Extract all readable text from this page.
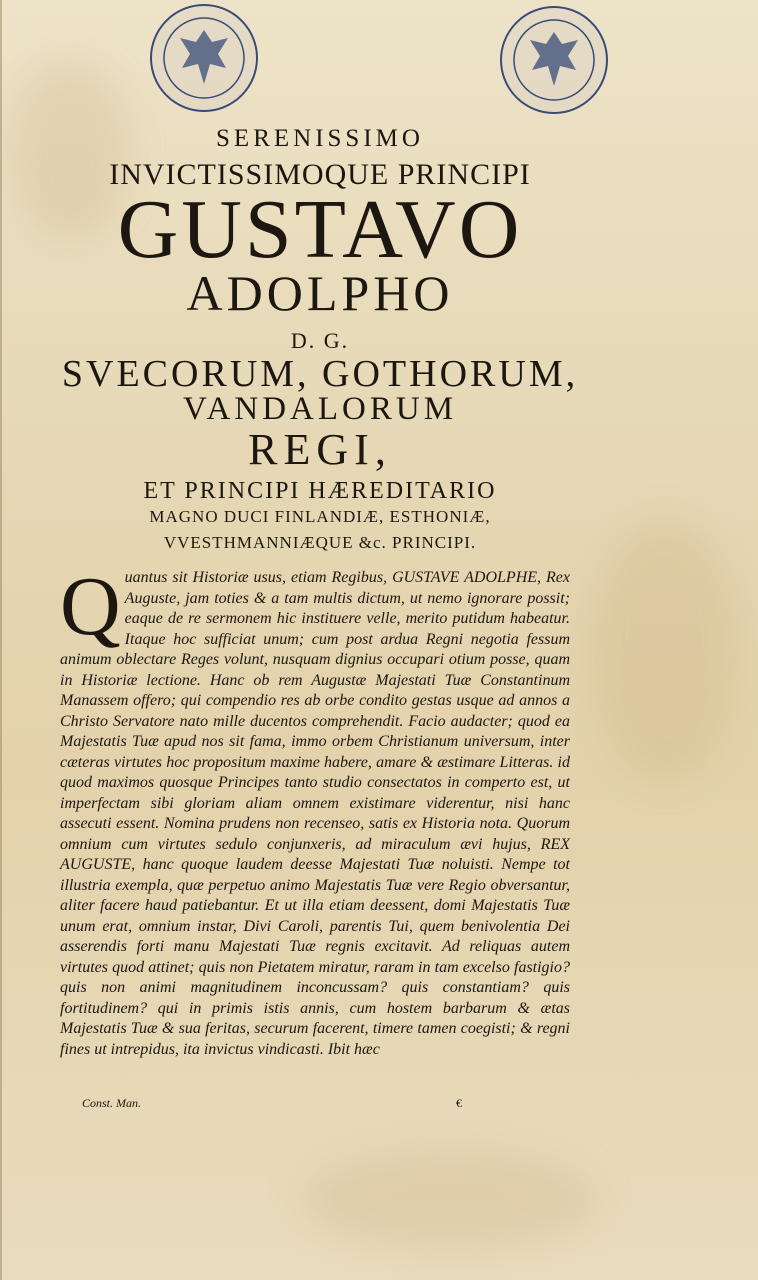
SERENISSIMO
INVICTISSIMOQUE PRINCIPI
GUSTAVO
ADOLPHO
D. G.
SVECORUM, GOTHORUM,
VANDALORUM
REGI,
ET PRINCIPI HÆREDITARIO
MAGNO DUCI FINLANDIÆ, ESTHONIÆ,
VVESTHMANNIÆQUE &c. PRINCIPI.
Q uantus sit Historiæ usus, etiam Regibus, GUSTAVE ADOLPHE, Rex Auguste, jam toties & a tam multis dictum, ut nemo ignorare possit; eaque de re sermonem hic instituere velle, merito putidum habeatur. Itaque hoc sufficiat unum; cum post ardua Regni negotia fessum animum oblectare Reges volunt, nusquam dignius occupari otium posse, quam in Historiæ lectione. Hanc ob rem Augustæ Majestati Tuæ Constantinum Manassem offero; qui compendio res ab orbe condito gestas usque ad annos a Christo Servatore nato mille ducentos comprehendit. Facio audacter; quod ea Majestatis Tuæ apud nos sit fama, immo orbem Christianum universum, inter cæteras virtutes hoc propositum maxime habere, amare & æstimare Litteras. id quod maximos quosque Principes tanto studio consectatos in comperto est, ut imperfectam sibi gloriam aliam omnem existimare viderentur, nisi hanc assecuti essent. Nomina prudens non recenseo, satis ex Historia nota. Quorum omnium cum virtutes sedulo conjunxeris, ad miraculum ævi hujus, REX AUGUSTE, hanc quoque laudem deesse Majestati Tuæ noluisti. Nempe tot illustria exempla, quæ perpetuo animo Majestatis Tuæ vere Regio obversantur, aliter facere haud patiebantur. Et ut illa etiam deessent, domi Majestatis Tuæ unum erat, omnium instar, Divi Caroli, parentis Tui, quem benivolentia Dei asserendis forti manu Majestati Tuæ regnis excitavit. Ad reliquas autem virtutes quod attinet; quis non Pietatem miratur, raram in tam excelso fastigio? quis non animi magnitudinem inconcussam? quis constantiam? quis fortitudinem? qui in primis istis annis, cum hostem barbarum & ætas Majestatis Tuæ & sua feritas, securum facerent, timere tamen coegisti; & regni fines ut intrepidus, ita invictus vindicasti. Ibit hæc
Const. Man.	€
